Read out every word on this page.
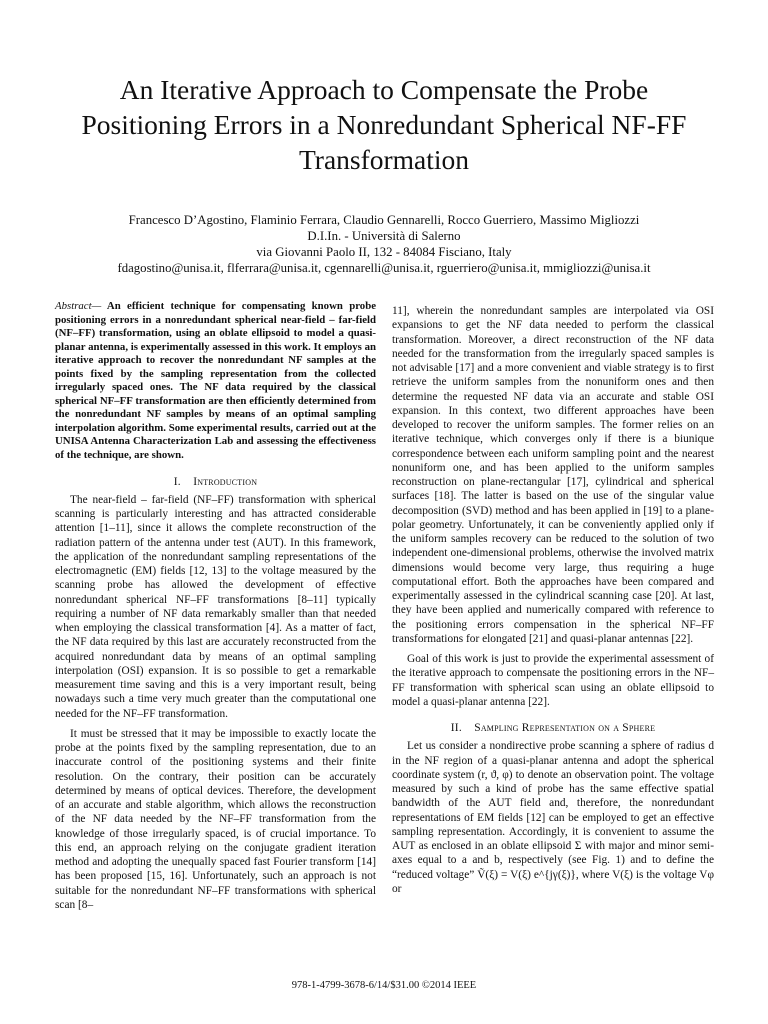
An Iterative Approach to Compensate the Probe Positioning Errors in a Nonredundant Spherical NF-FF Transformation
Francesco D’Agostino, Flaminio Ferrara, Claudio Gennarelli, Rocco Guerriero, Massimo Migliozzi
D.I.In. - Università di Salerno
via Giovanni Paolo II, 132 - 84084 Fisciano, Italy
fdagostino@unisa.it, flferrara@unisa.it, cgennarelli@unisa.it, rguerriero@unisa.it, mmigliozzi@unisa.it
Abstract— An efficient technique for compensating known probe positioning errors in a nonredundant spherical near-field – far-field (NF–FF) transformation, using an oblate ellipsoid to model a quasi-planar antenna, is experimentally assessed in this work. It employs an iterative approach to recover the nonredundant NF samples at the points fixed by the sampling representation from the collected irregularly spaced ones. The NF data required by the classical spherical NF–FF transformation are then efficiently determined from the nonredundant NF samples by means of an optimal sampling interpolation algorithm. Some experimental results, carried out at the UNISA Antenna Characterization Lab and assessing the effectiveness of the technique, are shown.
I. Introduction

The near-field – far-field (NF–FF) transformation with spherical scanning is particularly interesting and has attracted considerable attention [1–11], since it allows the complete reconstruction of the radiation pattern of the antenna under test (AUT). In this framework, the application of the nonredundant sampling representations of the electromagnetic (EM) fields [12, 13] to the voltage measured by the scanning probe has allowed the development of effective nonredundant spherical NF–FF transformations [8–11] typically requiring a number of NF data remarkably smaller than that needed when employing the classical transformation [4]. As a matter of fact, the NF data required by this last are accurately reconstructed from the acquired nonredundant data by means of an optimal sampling interpolation (OSI) expansion. It is so possible to get a remarkable measurement time saving and this is a very important result, being nowadays such a time very much greater than the computational one needed for the NF–FF transformation.

It must be stressed that it may be impossible to exactly locate the probe at the points fixed by the sampling representation, due to an inaccurate control of the positioning systems and their finite resolution. On the contrary, their position can be accurately determined by means of optical devices. Therefore, the development of an accurate and stable algorithm, which allows the reconstruction of the NF data needed by the NF–FF transformation from the knowledge of those irregularly spaced, is of crucial importance. To this end, an approach relying on the conjugate gradient iteration method and adopting the unequally spaced fast Fourier transform [14] has been proposed [15, 16]. Unfortunately, such an approach is not suitable for the nonredundant NF–FF transformations with spherical scan [8–

11], wherein the nonredundant samples are interpolated via OSI expansions to get the NF data needed to perform the classical transformation. Moreover, a direct reconstruction of the NF data needed for the transformation from the irregularly spaced samples is not advisable [17] and a more convenient and viable strategy is to first retrieve the uniform samples from the nonuniform ones and then determine the requested NF data via an accurate and stable OSI expansion. In this context, two different approaches have been developed to recover the uniform samples. The former relies on an iterative technique, which converges only if there is a biunique correspondence between each uniform sampling point and the nearest nonuniform one, and has been applied to the uniform samples reconstruction on plane-rectangular [17], cylindrical and spherical surfaces [18]. The latter is based on the use of the singular value decomposition (SVD) method and has been applied in [19] to a plane-polar geometry. Unfortunately, it can be conveniently applied only if the uniform samples recovery can be reduced to the solution of two independent one-dimensional problems, otherwise the involved matrix dimensions would become very large, thus requiring a huge computational effort. Both the approaches have been compared and experimentally assessed in the cylindrical scanning case [20]. At last, they have been applied and numerically compared with reference to the positioning errors compensation in the spherical NF–FF transformations for elongated [21] and quasi-planar antennas [22].

Goal of this work is just to provide the experimental assessment of the iterative approach to compensate the positioning errors in the NF–FF transformation with spherical scan using an oblate ellipsoid to model a quasi-planar antenna [22].

II. Sampling Representation on a Sphere

Let us consider a nondirective probe scanning a sphere of radius d in the NF region of a quasi-planar antenna and adopt the spherical coordinate system (r, ϑ, φ) to denote an observation point. The voltage measured by such a kind of probe has the same effective spatial bandwidth of the AUT field and, therefore, the nonredundant representations of EM fields [12] can be employed to get an effective sampling representation. Accordingly, it is convenient to assume the AUT as enclosed in an oblate ellipsoid Σ with major and minor semi-axes equal to a and b, respectively (see Fig. 1) and to define the “reduced voltage” Ṽ(ξ) = V(ξ) e^{jγ(ξ)}, where V(ξ) is the voltage Vφ or

978-1-4799-3678-6/14/$31.00 ©2014 IEEE
